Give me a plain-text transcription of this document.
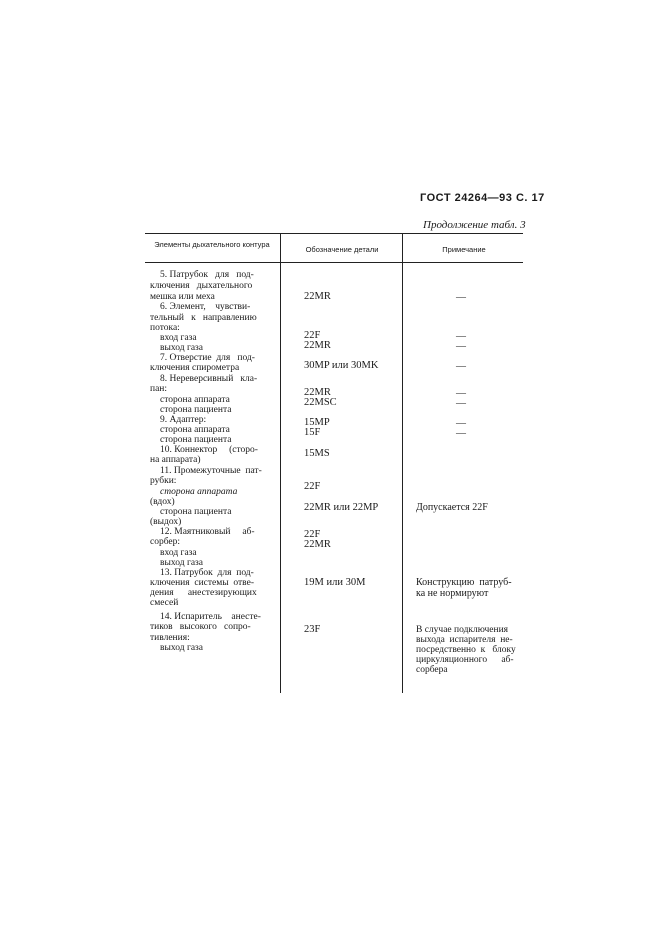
ГОСТ 24264—93 С. 17
Продолжение табл. 3
Элементы дыхательного контура
Обозначение детали	Примечание
5. Патрубок   для   под-
ключения   дыхательного
мешка или меха
6. Элемент,    чувстви-
тельный   к   направлению
потока:
вход газа
выход газа
7. Отверстие  для   под-
ключения спирометра
8. Нереверсивный   кла-
пан:
сторона аппарата
сторона пациента
9. Адаптер:
сторона аппарата
сторона пациента
10. Коннектор     (сторо-
на аппарата)
11. Промежуточные  пат-
рубки:
сторона аппарата
(вдох)
сторона пациента
(выдох)
12. Маятниковый     аб-
сорбер:
вход газа
выход газа
13. Патрубок  для  под-
ключения  системы  отве-
дения      анестезирующих
смесей
14. Испаритель    анесте-
тиков   высокого   сопро-
тивления:
выход газа
22MR
22F
22MR
30MP или 30MK
22MR
22MSC
15MP
15F
15MS
22F
22MR или 22MP
22F
22MR
19M или 30M
23F
—
—
—
—
—
—
—
—
Допускается 22F
Конструкцию  патруб-
ка не нормируют
В случае подключения
выхода  испарителя  не-
посредственно  к   блоку
циркуляционного      аб-
сорбера
